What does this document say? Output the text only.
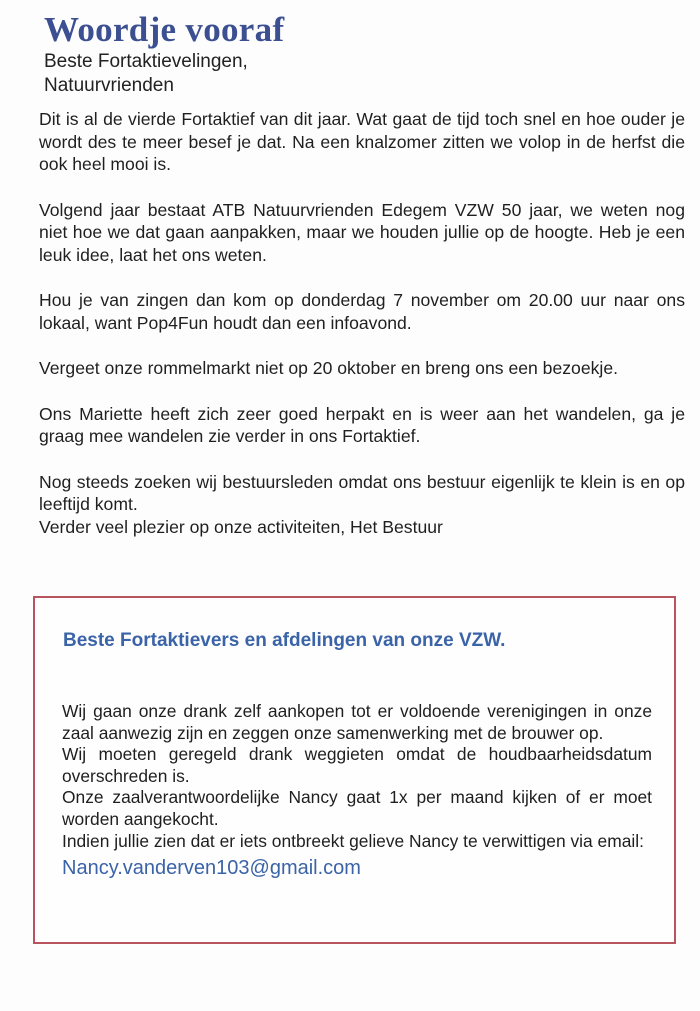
Woordje vooraf
Beste Fortaktievelingen,
Natuurvrienden

Dit is al de vierde Fortaktief van dit jaar. Wat gaat de tijd toch snel en hoe ouder je wordt des te meer besef je dat. Na een knalzomer zitten we volop in de herfst die ook heel mooi is.

Volgend jaar bestaat ATB Natuurvrienden Edegem VZW 50 jaar, we weten nog niet hoe we dat gaan aanpakken, maar we houden jullie op de hoogte. Heb je een leuk idee, laat het ons weten.

Hou je van zingen dan kom op donderdag 7 november om 20.00 uur naar ons lokaal, want Pop4Fun houdt dan een infoavond.

Vergeet onze rommelmarkt niet op 20 oktober en breng ons een bezoekje.

Ons Mariette heeft zich zeer goed herpakt en is weer aan het wandelen, ga je graag mee wandelen zie verder in ons Fortaktief.

Nog steeds zoeken wij bestuursleden omdat ons bestuur eigenlijk te klein is en op leeftijd komt.

Verder veel plezier op onze activiteiten, Het Bestuur

Beste Fortaktievers en afdelingen van onze VZW.

Wij gaan onze drank zelf aankopen tot er voldoende verenigingen in onze zaal aanwezig zijn en zeggen onze samenwerking met de brouwer op.

Wij moeten geregeld drank weggieten omdat de houdbaarheidsdatum overschreden is.

Onze zaalverantwoordelijke Nancy gaat 1x per maand kijken of er moet worden aangekocht.

Indien jullie zien dat er iets ontbreekt gelieve Nancy te verwittigen via email:

Nancy.vanderven103@gmail.com
